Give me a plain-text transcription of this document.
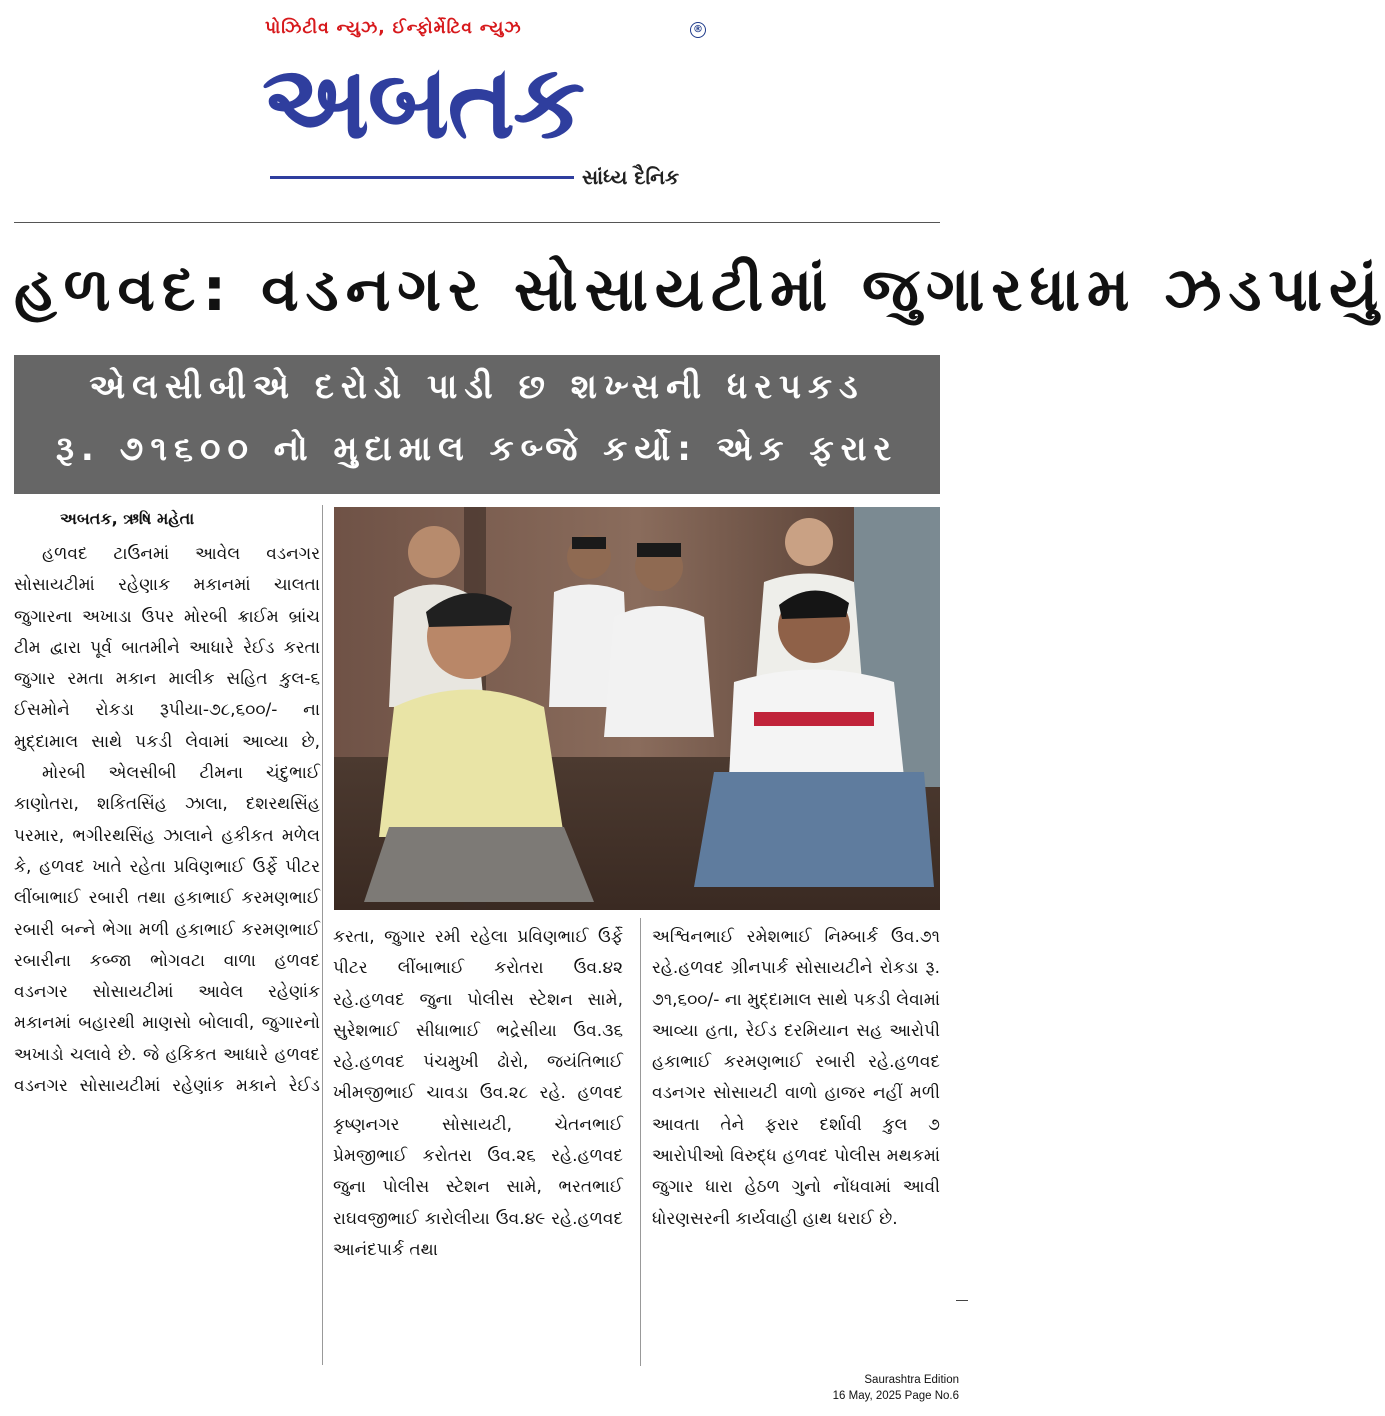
પોઝિટીવ ન્યુઝ, ઈન્ફોર્મેટિવ ન્યુઝ	®
અબતક
સાંધ્ય દૈનિક
હળવદ: વડનગર સોસાયટીમાં જુગારધામ ઝડપાયું
એલસીબીએ દરોડો પાડી છ શખ્સની ધરપકડ
રૂ. ૭૧૬૦૦ નો મુદામાલ કબ્જે કર્યો: એક ફરાર
અબતક, ઋષિ મહેતા

હળવદ ટાઉનમાં આવેલ વડનગર સોસાયટીમાં રહેણાક મકાનમાં ચાલતા જુગારના અખાડા ઉપર મોરબી ક્રાઈમ બ્રાંચ ટીમ દ્વારા પૂર્વ બાતમીને આધારે રેઈડ કરતા જુગાર રમતા મકાન માલીક સહિત કુલ-૬ ઈસમોને રોકડા રૂપીયા-૭૮,૬૦૦/- ના મુદ્દામાલ સાથે પકડી લેવામાં આવ્યા છે,

મોરબી એલસીબી ટીમના ચંદુભાઈ કાણોતરા, શકિતસિંહ ઝાલા, દશરથસિંહ પરમાર, ભગીરથસિંહ ઝાલાને હકીકત મળેલ કે, હળવદ ખાતે રહેતા પ્રવિણભાઈ ઉર્ફે પીટર લીંબાભાઈ રબારી તથા હકાભાઈ કરમણભાઈ રબારી બન્ને ભેગા મળી હકાભાઈ કરમણભાઈ રબારીના કબ્જા ભોગવટા વાળા હળવદ વડનગર સોસાયટીમાં આવેલ રહેણાંક મકાનમાં બહારથી માણસો બોલાવી, જુગારનો અખાડો ચલાવે છે. જે હકિકત આધારે હળવદ વડનગર સોસાયટીમાં રહેણાંક મકાને રેઈડ

કરતા, જુગાર રમી રહેલા પ્રવિણભાઈ ઉર્ફે પીટર લીંબાભાઈ કરોતરા ઉવ.૪૨ રહે.હળવદ જુના પોલીસ સ્ટેશન સામે, સુરેશભાઈ સીધાભાઈ ભદ્રેસીયા ઉવ.૩૬ રહે.હળવદ પંચમુખી ઢોરો, જયંતિભાઈ ખીમજીભાઈ ચાવડા ઉવ.૨૮ રહે. હળવદ કૃષ્ણનગર સોસાયટી, ચેતનભાઈ પ્રેમજીભાઈ કરોતરા ઉવ.૨૬ રહે.હળવદ જુના પોલીસ સ્ટેશન સામે, ભરતભાઈ રાઘવજીભાઈ કારોલીયા ઉવ.૪૯ રહે.હળવદ આનંદપાર્ક તથા

અશ્વિનભાઈ રમેશભાઈ નિમ્બાર્ક ઉવ.૭૧ રહે.હળવદ ગ્રીનપાર્ક સોસાયટીને રોકડા રૂ. ૭૧,૬૦૦/- ના મુદ્દામાલ સાથે પકડી લેવામાં આવ્યા હતા, રેઈડ દરમિયાન સહ આરોપી હકાભાઈ કરમણભાઈ રબારી રહે.હળવદ વડનગર સોસાયટી વાળો હાજર નહીં મળી આવતા તેને ફરાર દર્શાવી કુલ ૭ આરોપીઓ વિરુદ્ધ હળવદ પોલીસ મથકમાં જુગાર ધારા હેઠળ ગુનો નોંધવામાં આવી ધોરણસરની કાર્યવાહી હાથ ધરાઈ છે.

Saurashtra Edition
16 May, 2025 Page No.6
